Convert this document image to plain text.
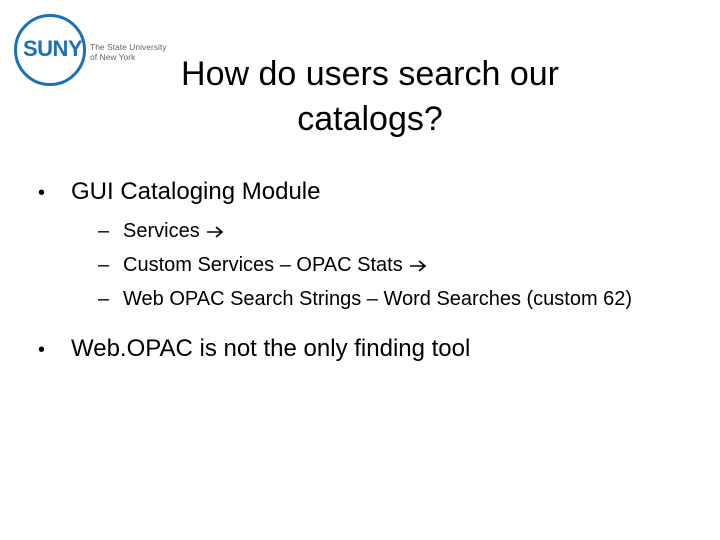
SUNY The State University of New York	How do users search our catalogs?
•	GUI Cataloging Module
– Services
– Custom Services – OPAC Stats
– Web OPAC Search Strings – Word Searches (custom 62)
•	Web.OPAC is not the only finding tool
